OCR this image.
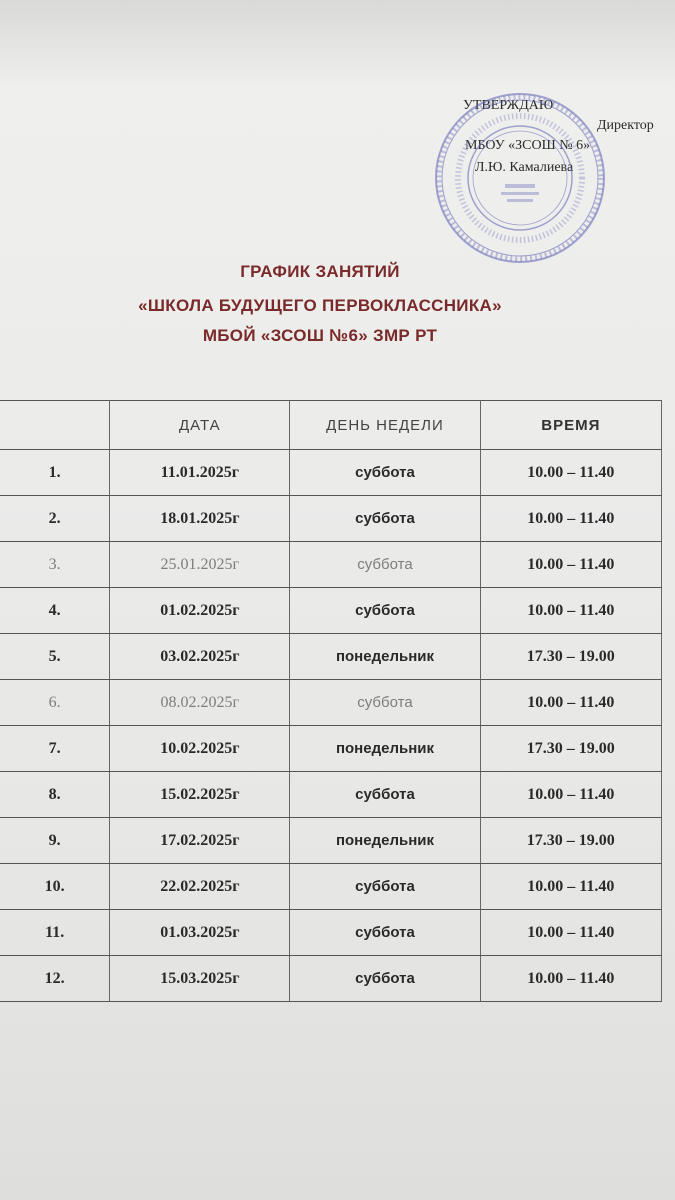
УТВЕРЖДАЮ
Директор
МБОУ «ЗСОШ № 6»
Л.Ю. Камалиева
ГРАФИК ЗАНЯТИЙ
«ШКОЛА БУДУЩЕГО ПЕРВОКЛАССНИКА»
МБОЙ «ЗСОШ №6» ЗМР РТ
	ДАТА	ДЕНЬ НЕДЕЛИ	ВРЕМЯ
1.	11.01.2025г	суббота	10.00 – 11.40
2.	18.01.2025г	суббота	10.00 – 11.40
3.	25.01.2025г	суббота	10.00 – 11.40
4.	01.02.2025г	суббота	10.00 – 11.40
5.	03.02.2025г	понедельник	17.30 – 19.00
6.	08.02.2025г	суббота	10.00 – 11.40
7.	10.02.2025г	понедельник	17.30 – 19.00
8.	15.02.2025г	суббота	10.00 – 11.40
9.	17.02.2025г	понедельник	17.30 – 19.00
10.	22.02.2025г	суббота	10.00 – 11.40
11.	01.03.2025г	суббота	10.00 – 11.40
12.	15.03.2025г	суббота	10.00 – 11.40
